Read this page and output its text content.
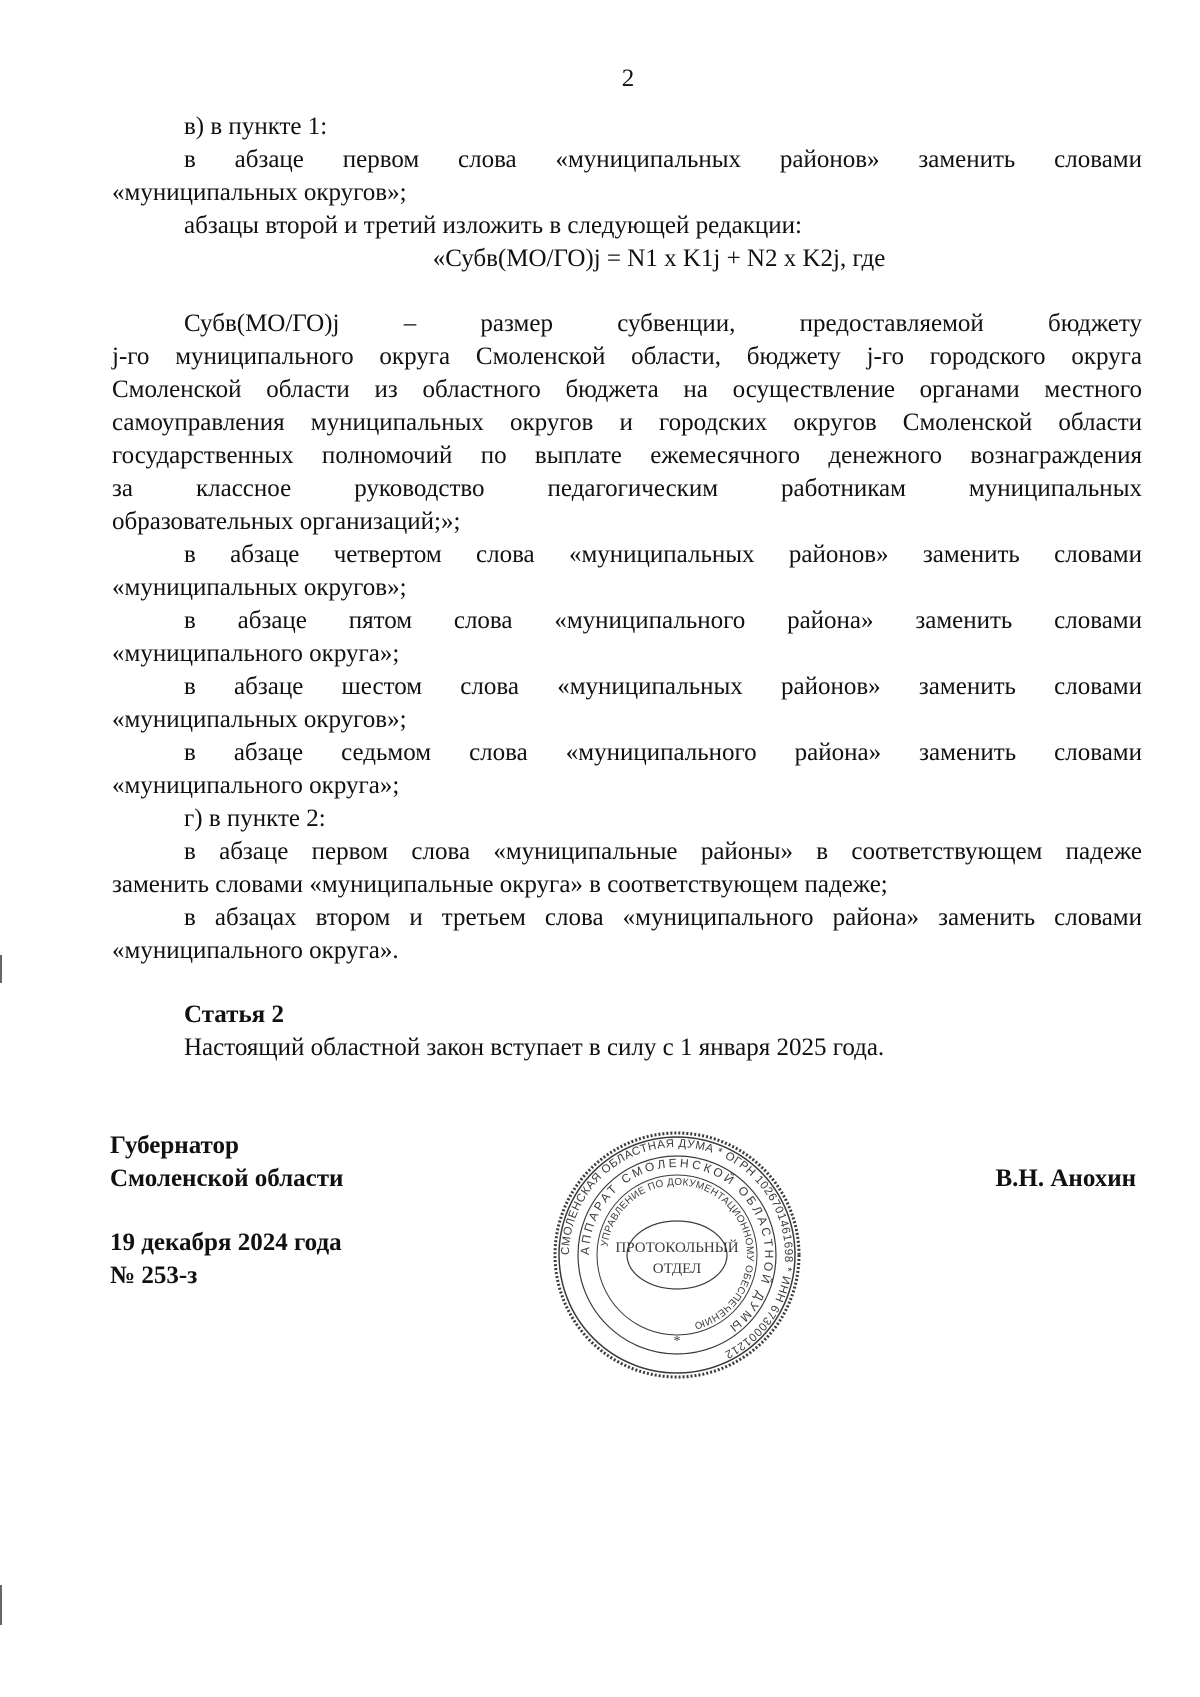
2
в) в пункте 1:
в абзаце первом слова «муниципальных районов» заменить словами
«муниципальных округов»;
абзацы второй и третий изложить в следующей редакции:
«Субв(МО/ГО)j = N1 x K1j + N2 x K2j, где
Субв(МО/ГО)j – размер субвенции, предоставляемой бюджету
j-го муниципального округа Смоленской области, бюджету j-го городского округа
Смоленской области из областного бюджета на осуществление органами местного
самоуправления муниципальных округов и городских округов Смоленской области
государственных полномочий по выплате ежемесячного денежного вознаграждения
за классное руководство педагогическим работникам муниципальных
образовательных организаций;»;
в абзаце четвертом слова «муниципальных районов» заменить словами
«муниципальных округов»;
в абзаце пятом слова «муниципального района» заменить словами
«муниципального округа»;
в абзаце шестом слова «муниципальных районов» заменить словами
«муниципальных округов»;
в абзаце седьмом слова «муниципального района» заменить словами
«муниципального округа»;
г) в пункте 2:
в абзаце первом слова «муниципальные районы» в соответствующем падеже
заменить словами «муниципальные округа» в соответствующем падеже;
в абзацах втором и третьем слова «муниципального района» заменить словами
«муниципального округа».
Статья 2
Настоящий областной закон вступает в силу с 1 января 2025 года.
Губернатор
Смоленской области	В.Н. Анохин
19 декабря 2024 года
№ 253-з
СМОЛЕНСКАЯ ОБЛАСТНАЯ ДУМА * ОГРН 1026701461698 * ИНН 6730001212
АППАРАТ СМОЛЕНСКОЙ ОБЛАСТНОЙ ДУМЫ
УПРАВЛЕНИЕ ПО ДОКУМЕНТАЦИОННОМУ ОБЕСПЕЧЕНИЮ
ПРОТОКОЛЬНЫЙ
ОТДЕЛ
*
